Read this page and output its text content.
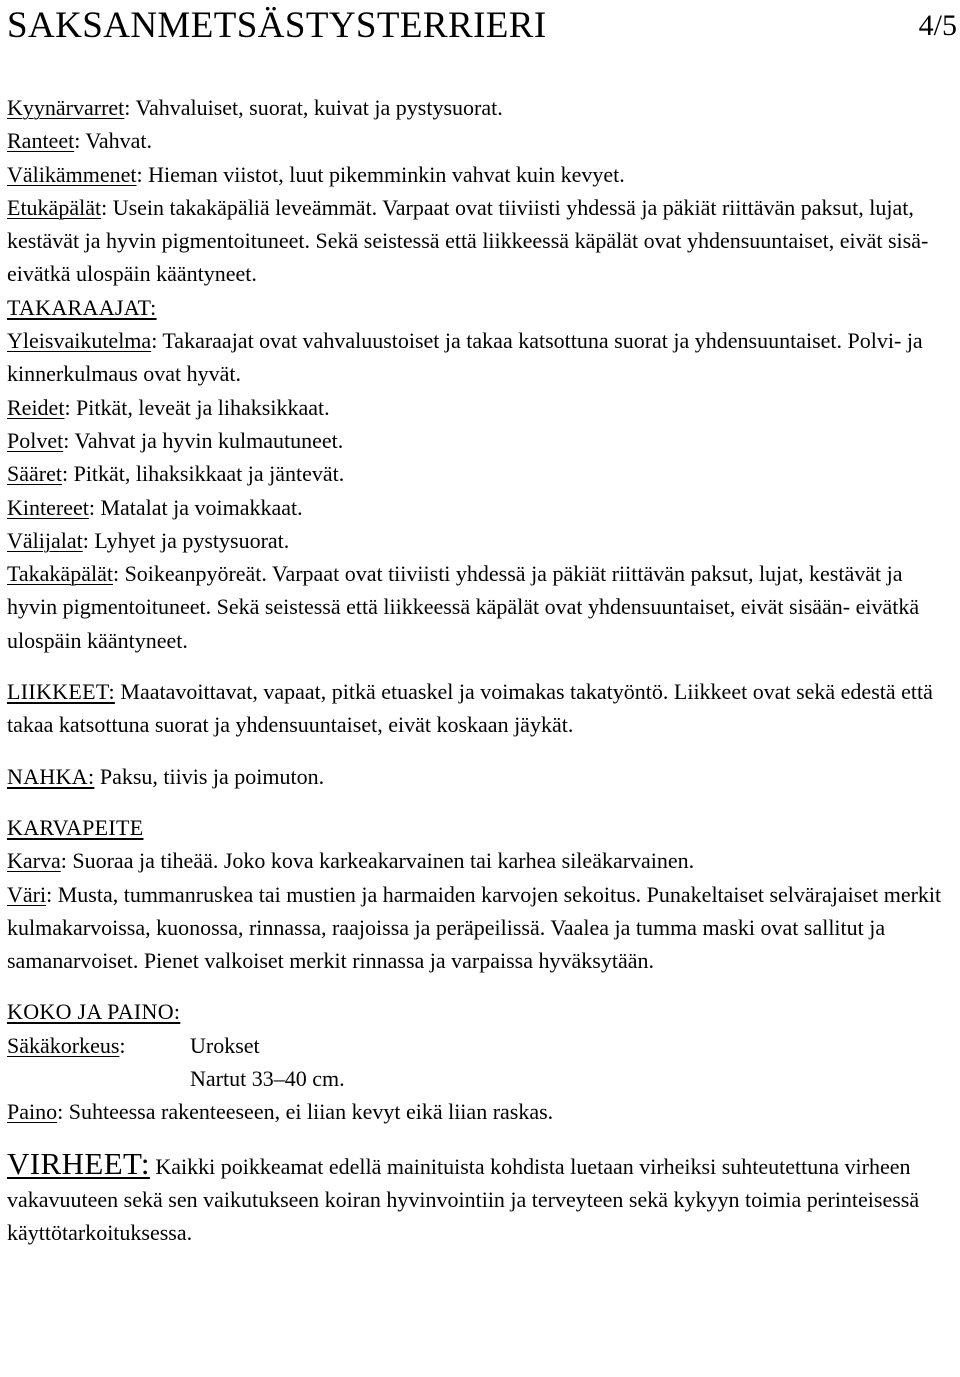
SAKSANMETSÄSTYSTERRIERI	4/5

Kyynärvarret: Vahvaluiset, suorat, kuivat ja pystysuorat.

Ranteet: Vahvat.

Välikämmenet: Hieman viistot, luut pikemminkin vahvat kuin kevyet.

Etukäpälät: Usein takakäpäliä leveämmät. Varpaat ovat tiiviisti yhdessä ja päkiät riittävän paksut, lujat, kestävät ja hyvin pigmentoituneet. Sekä seistessä että liikkeessä käpälät ovat yhdensuuntaiset, eivät sisä- eivätkä ulospäin kääntyneet.

TAKARAAJAT:

Yleisvaikutelma: Takaraajat ovat vahvaluustoiset ja takaa katsottuna suorat ja yhdensuuntaiset. Polvi- ja kinnerkulmaus ovat hyvät.

Reidet: Pitkät, leveät ja lihaksikkaat.

Polvet: Vahvat ja hyvin kulmautuneet.

Sääret: Pitkät, lihaksikkaat ja jäntevät.

Kintereet: Matalat ja voimakkaat.

Välijalat: Lyhyet ja pystysuorat.

Takakäpälät: Soikeanpyöreät. Varpaat ovat tiiviisti yhdessä ja päkiät riittävän paksut, lujat, kestävät ja hyvin pigmentoituneet. Sekä seistessä että liikkeessä käpälät ovat yhdensuuntaiset, eivät sisään- eivätkä ulospäin kääntyneet.

LIIKKEET: Maatavoittavat, vapaat, pitkä etuaskel ja voimakas takatyöntö. Liikkeet ovat sekä edestä että takaa katsottuna suorat ja yhdensuuntaiset, eivät koskaan jäykät.

NAHKA: Paksu, tiivis ja poimuton.

KARVAPEITE

Karva: Suoraa ja tiheää. Joko kova karkeakarvainen tai karhea sileäkarvainen.

Väri: Musta, tummanruskea tai mustien ja harmaiden karvojen sekoitus. Punakeltaiset selvärajaiset merkit kulmakarvoissa, kuonossa, rinnassa, raajoissa ja peräpeilissä. Vaalea ja tumma maski ovat sallitut ja samanarvoiset. Pienet valkoiset merkit rinnassa ja varpaissa hyväksytään.

KOKO JA PAINO:

Säkäkorkeus:	Urokset

Nartut 33–40 cm.

Paino: Suhteessa rakenteeseen, ei liian kevyt eikä liian raskas.

VIRHEET: Kaikki poikkeamat edellä mainituista kohdista luetaan virheiksi suhteutettuna virheen vakavuuteen sekä sen vaikutukseen koiran hyvinvointiin ja terveyteen sekä kykyyn toimia perinteisessä käyttötarkoituksessa.
